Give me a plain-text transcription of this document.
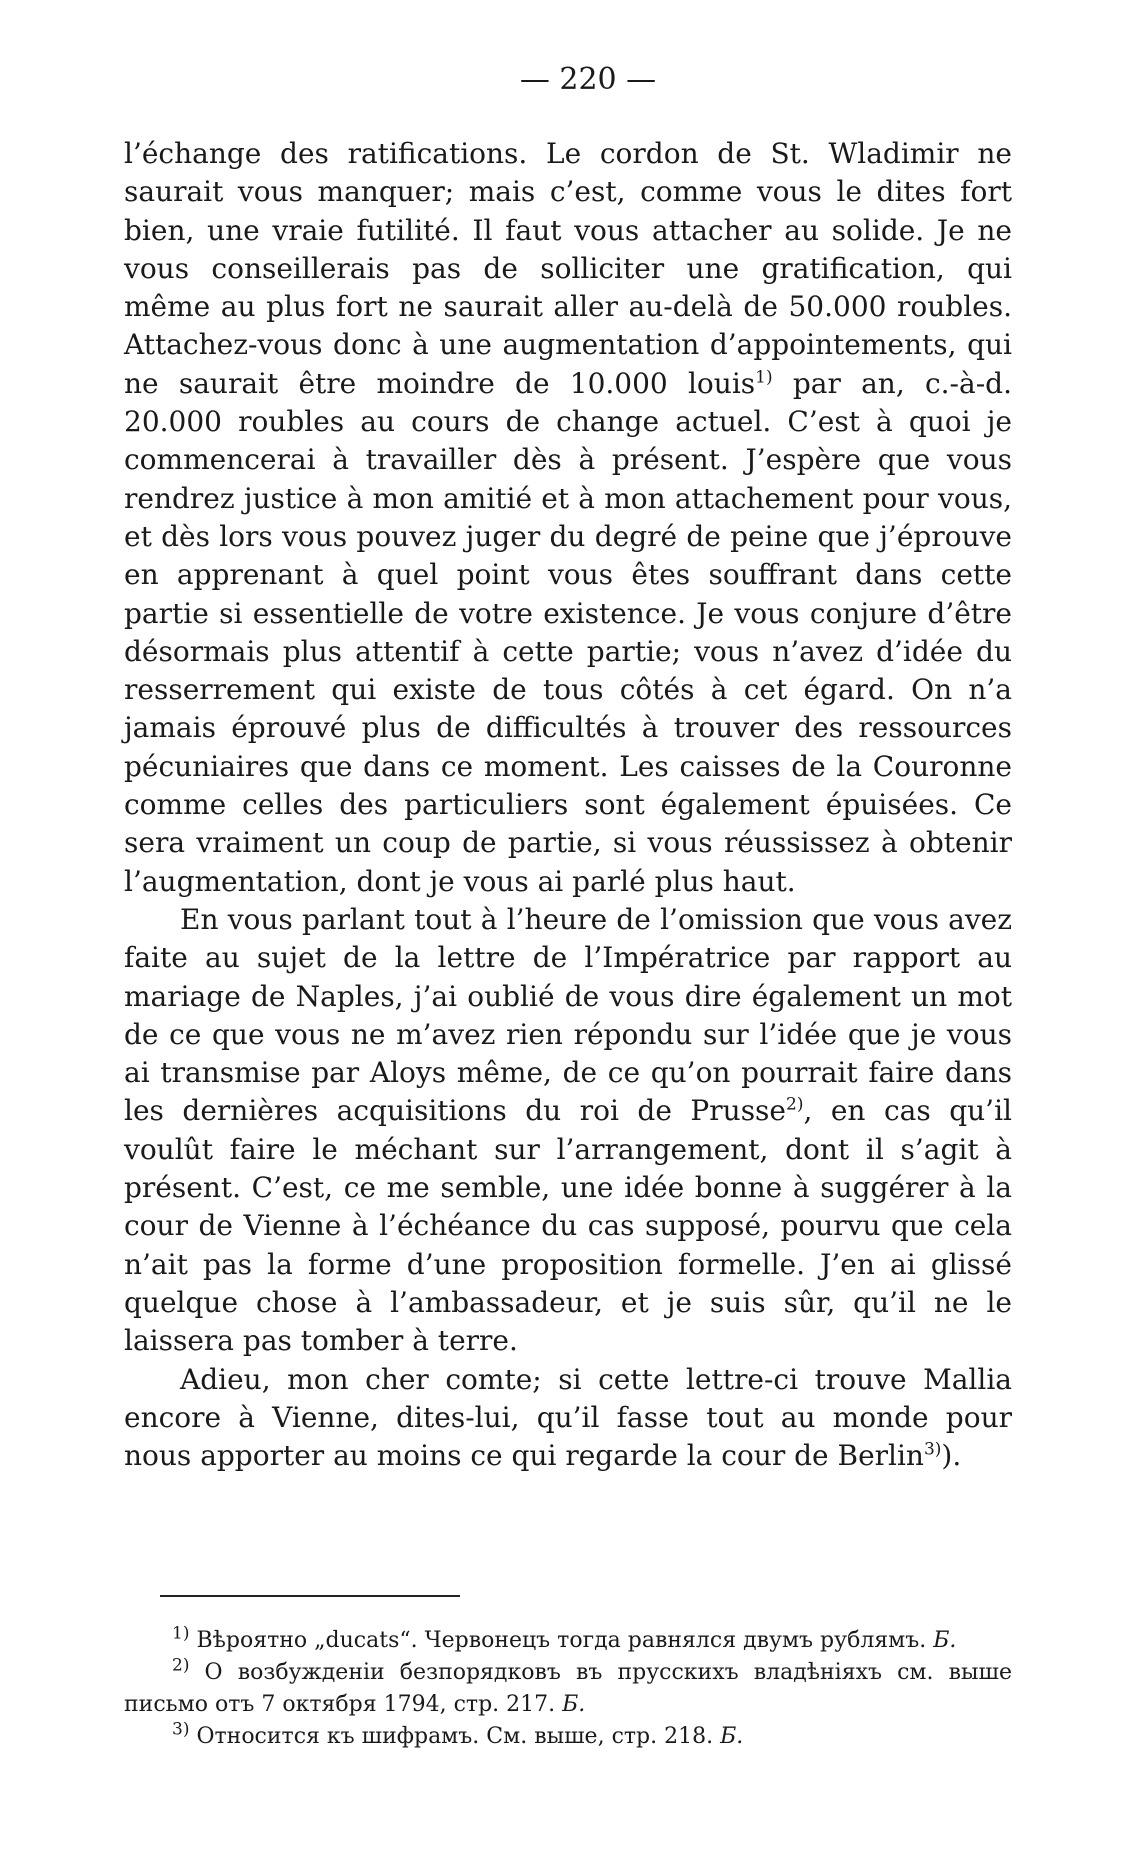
— 220 —

l’échange des ratifications. Le cordon de St. Wladimir ne saurait vous manquer; mais c’est, comme vous le dites fort bien, une vraie futilité. Il faut vous attacher au solide. Je ne vous conseillerais pas de solliciter une gratification, qui même au plus fort ne saurait aller au-delà de 50.000 roubles. Attachez-vous donc à une augmentation d’appointements, qui ne saurait être moindre de 10.000 louis$^{1)}$ par an, c.-à-d. 20.000 roubles au cours de change actuel. C’est à quoi je commencerai à travailler dès à présent. J’espère que vous rendrez justice à mon amitié et à mon attachement pour vous, et dès lors vous pouvez juger du degré de peine que j’éprouve en apprenant à quel point vous êtes souffrant dans cette partie si essentielle de votre existence. Je vous conjure d’être désormais plus attentif à cette partie; vous n’avez d’idée du resserrement qui existe de tous côtés à cet égard. On n’a jamais éprouvé plus de difficultés à trouver des ressources pécuniaires que dans ce moment. Les caisses de la Couronne comme celles des particuliers sont également épuisées. Ce sera vraiment un coup de partie, si vous réussissez à obtenir l’augmentation, dont je vous ai parlé plus haut.

En vous parlant tout à l’heure de l’omission que vous avez faite au sujet de la lettre de l’Impératrice par rapport au mariage de Naples, j’ai oublié de vous dire également un mot de ce que vous ne m’avez rien répondu sur l’idée que je vous ai transmise par Aloys même, de ce qu’on pourrait faire dans les dernières acquisitions du roi de Prusse$^{2)}$, en cas qu’il voulût faire le méchant sur l’arrangement, dont il s’agit à présent. C’est, ce me semble, une idée bonne à suggérer à la cour de Vienne à l’échéance du cas supposé, pourvu que cela n’ait pas la forme d’une proposition formelle. J’en ai glissé quelque chose à l’ambassadeur, et je suis sûr, qu’il ne le laissera pas tomber à terre.

Adieu, mon cher comte; si cette lettre-ci trouve Mallia encore à Vienne, dites-lui, qu’il fasse tout au monde pour nous apporter au moins ce qui regarde la cour de Berlin$^{3)}$).

$^{1)}$ Вѣроятно „ducats“. Червонецъ тогда равнялся двумъ рублямъ. Б.

$^{2)}$ О возбужденіи безпорядковъ въ прусскихъ владѣніяхъ см. выше письмо отъ 7 октября 1794, стр. 217. Б.

$^{3)}$ Относится къ шифрамъ. См. выше, стр. 218. Б.
